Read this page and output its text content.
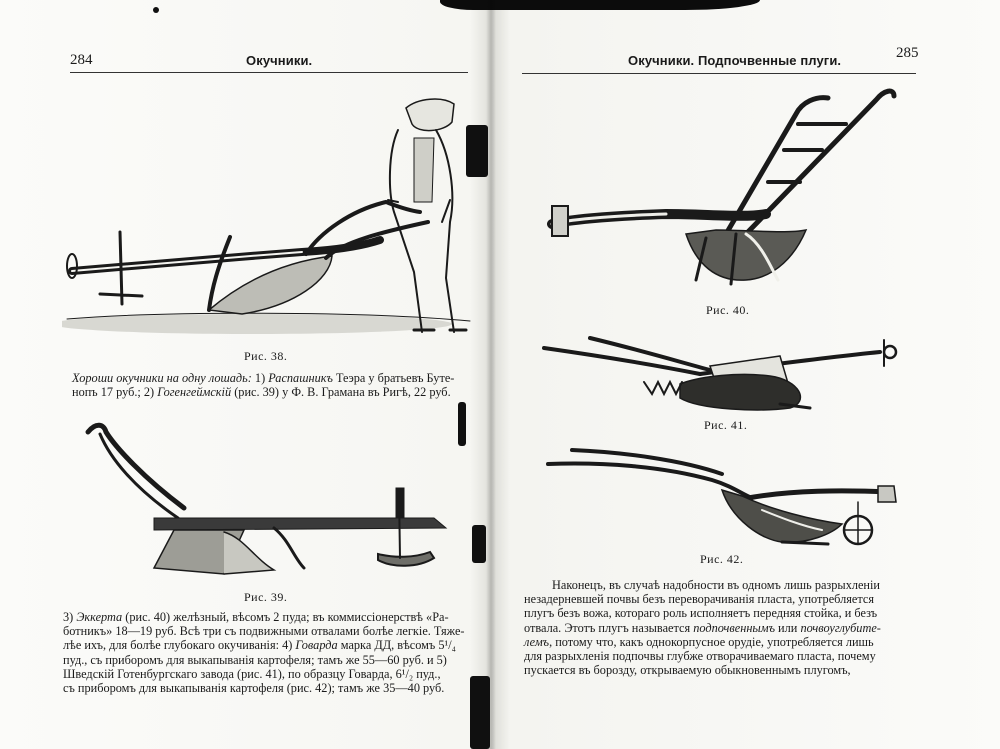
284	Окучники.
Рис. 38.
Хороши окучники на одну лошадь: 1) Распашникъ Теэра у братьевъ Буте-
нопъ 17 руб.; 2) Гогенгеймскій (рис. 39) у Ф. В. Грамана въ Ригѣ, 22 руб.
Рис. 39.
3) Эккерта (рис. 40) желѣзный, вѣсомъ 2 пуда; въ коммиссіонерствѣ «Ра-
ботникъ» 18—19 руб. Всѣ три съ подвижными отвалами болѣе легкіе. Тяже-
лѣе ихъ, для болѣе глубокаго окучиванія: 4) Говарда марка ДД, вѣсомъ 5¹/₄
пуд., съ приборомъ для выкапыванія картофеля; тамъ же 55—60 руб. и 5)
Шведскій Готенбургскаго завода (рис. 41), по образцу Говарда, 6¹/₂ пуд.,
съ приборомъ для выкапыванія картофеля (рис. 42); тамъ же 35—40 руб.
Окучники. Подпочвенные плуги.	285
Рис. 40.
Рис. 41.
Рис. 42.
Наконецъ, въ случаѣ надобности въ одномъ лишь разрыхленіи
незадерневшей почвы безъ переворачиванія пласта, употребляется
плугъ безъ вожа, котораго роль исполняетъ передняя стойка, и безъ
отвала. Этотъ плугъ называется подпочвеннымъ или почвоуглубите-
лемъ, потому что, какъ однокорпусное орудіе, употребляется лишь
для разрыхленія подпочвы глубже отворачиваемаго пласта, почему
пускается въ борозду, открываемую обыкновеннымъ плугомъ,
